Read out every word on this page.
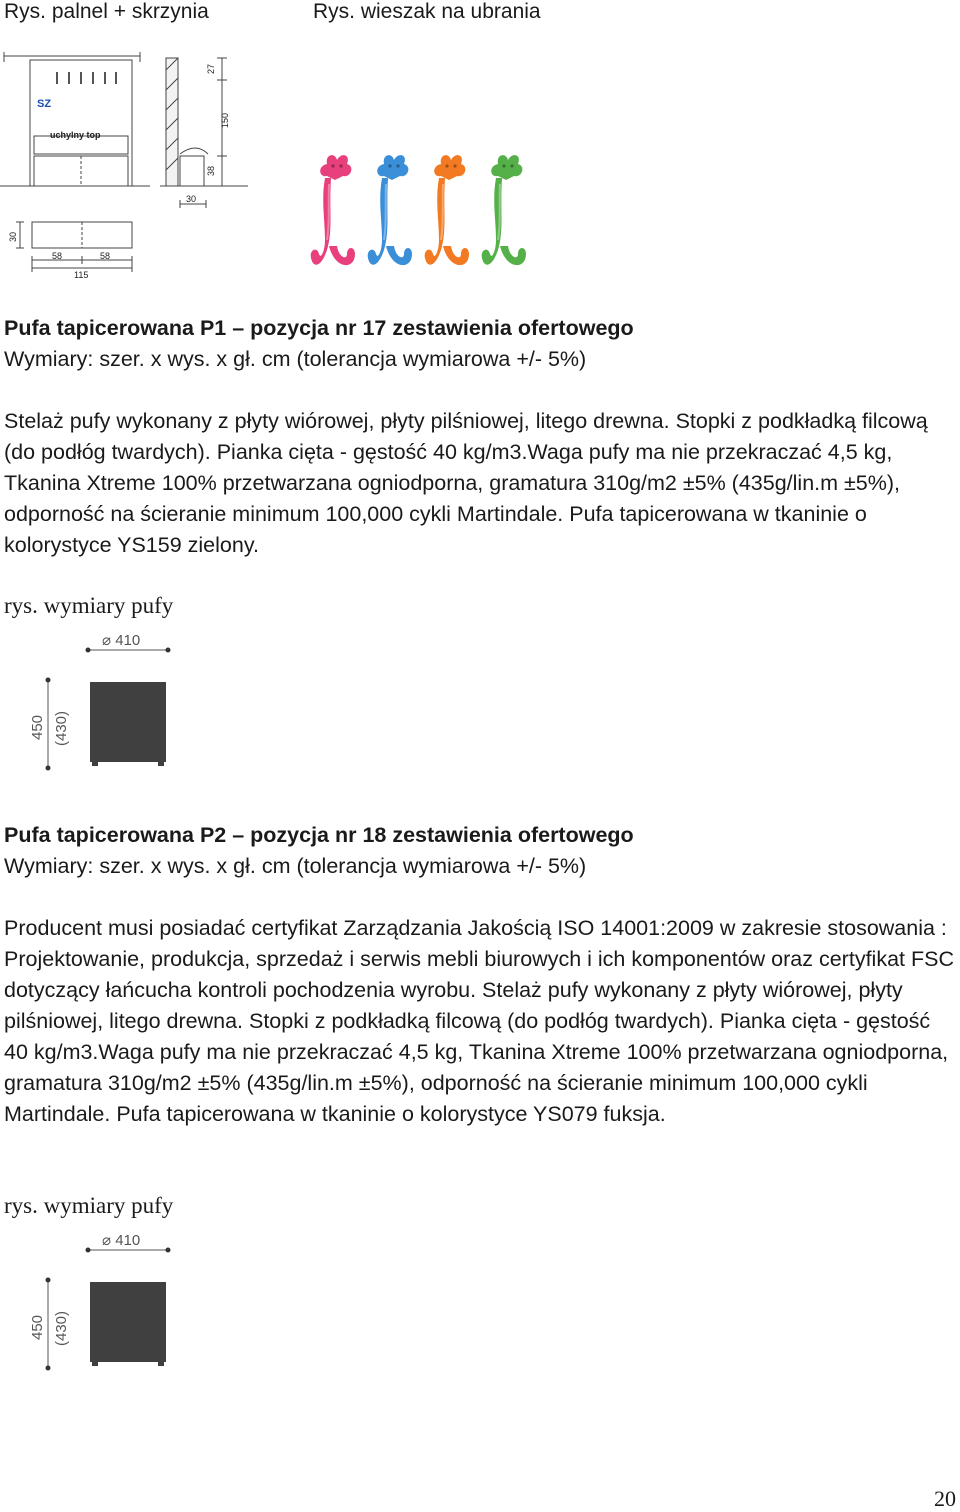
Rys. palnel + skrzynia	Rys. wieszak na ubrania
SZ
uchylny top
27
150
38
30
30
58	58
115
Pufa tapicerowana P1 – pozycja nr 17 zestawienia ofertowego
Wymiary: szer. x wys. x gł. cm (tolerancja wymiarowa +/- 5%)
Stelaż pufy wykonany z płyty wiórowej, płyty pilśniowej, litego drewna. Stopki z podkładką filcową (do podłóg twardych). Pianka cięta - gęstość 40 kg/m3.Waga pufy ma nie przekraczać 4,5 kg, Tkanina Xtreme 100% przetwarzana ogniodporna, gramatura 310g/m2 ±5% (435g/lin.m ±5%), odporność na ścieranie minimum 100,000 cykli Martindale. Pufa tapicerowana w tkaninie o kolorystyce YS159 zielony.
rys. wymiary pufy
⌀ 410
450 (430)
Pufa tapicerowana P2 – pozycja nr 18 zestawienia ofertowego
Wymiary: szer. x wys. x gł. cm (tolerancja wymiarowa +/- 5%)
Producent musi posiadać certyfikat Zarządzania Jakością ISO 14001:2009 w zakresie stosowania : Projektowanie, produkcja, sprzedaż i serwis mebli biurowych i ich komponentów oraz certyfikat FSC dotyczący łańcucha kontroli pochodzenia wyrobu. Stelaż pufy wykonany z płyty wiórowej, płyty pilśniowej, litego drewna. Stopki z podkładką filcową (do podłóg twardych). Pianka cięta - gęstość 40 kg/m3.Waga pufy ma nie przekraczać 4,5 kg, Tkanina Xtreme 100% przetwarzana ogniodporna, gramatura 310g/m2 ±5% (435g/lin.m ±5%), odporność na ścieranie minimum 100,000 cykli Martindale. Pufa tapicerowana w tkaninie o kolorystyce YS079 fuksja.
rys. wymiary pufy
⌀ 410
450 (430)
20
